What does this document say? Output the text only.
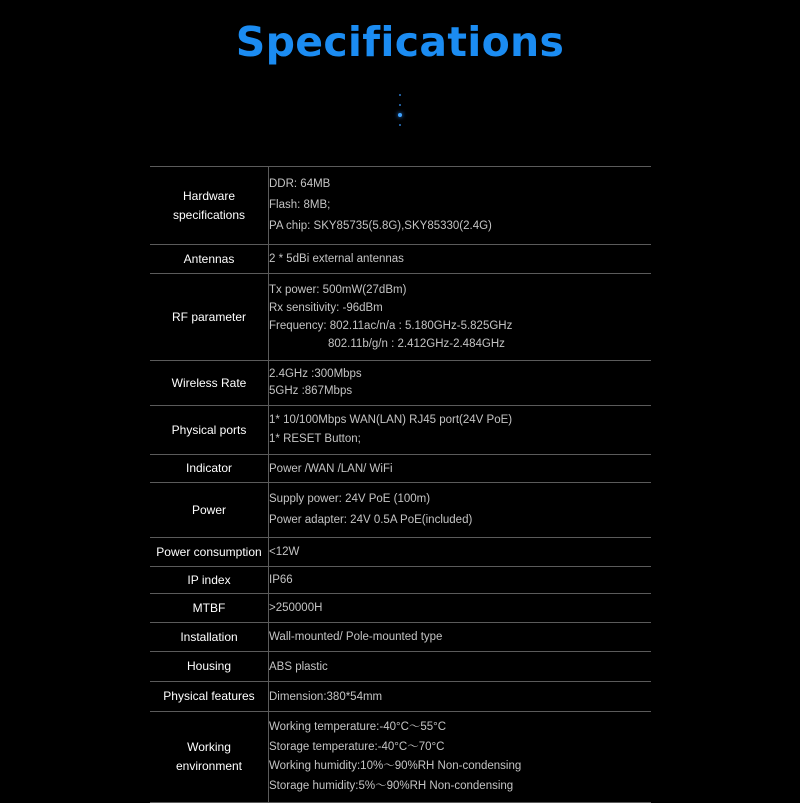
Specifications
Hardware
specifications	DDR: 64MB
Flash: 8MB;
PA chip: SKY85735(5.8G),SKY85330(2.4G)

Antennas	2 * 5dBi external antennas

RF parameter	Tx power: 500mW(27dBm)
Rx sensitivity: -96dBm
Frequency: 802.11ac/n/a : 5.180GHz-5.825GHz
802.11b/g/n : 2.412GHz-2.484GHz

Wireless Rate	2.4GHz :300Mbps
5GHz :867Mbps

Physical ports	1* 10/100Mbps WAN(LAN) RJ45 port(24V PoE)
1* RESET Button;

Indicator	Power /WAN /LAN/ WiFi

Power	Supply power: 24V PoE (100m)
Power adapter: 24V 0.5A PoE(included)

Power consumption	<12W

IP index	IP66

MTBF	>250000H

Installation	Wall-mounted/ Pole-mounted type

Housing	ABS plastic

Physical features	Dimension:380*54mm

Working
environment	Working temperature:-40°C～55°C
Storage temperature:-40°C～70°C
Working humidity:10%～90%RH Non-condensing
Storage humidity:5%～90%RH Non-condensing
